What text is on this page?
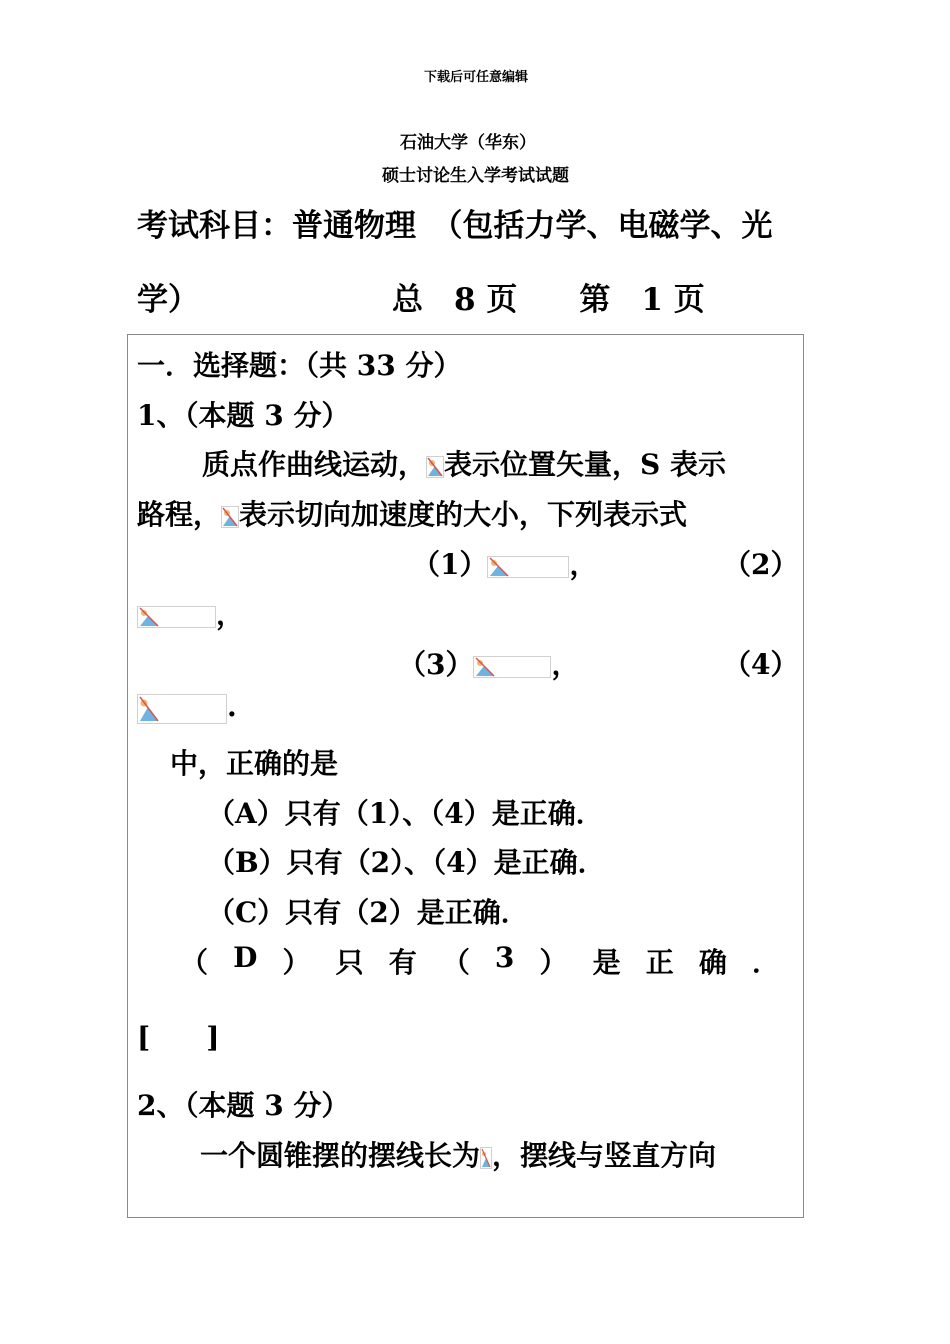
下载后可任意编辑
石油大学（华东）
硕士讨论生入学考试试题
考试科目：普通物理　（包括力学、电磁学、光
学）	总　8 页　　第　1 页
一．选择题：（共 33 分）
1、（本题 3 分）
质点作曲线运动， 表示位置矢量，S 表示
路程， 表示切向加速度的大小，下列表示式
（1）	，	（2）
，
（3）	，	（4）
.
中，正确的是
（A）只有（1）、（4）是正确．
（B）只有（2）、（4）是正确．
（C）只有（2）是正确．
（ D ） 只 有 （ 3 ） 是 正 确 ．
[　　]
2、（本题 3 分）
一个圆锥摆的摆线长为 ，摆线与竖直方向
